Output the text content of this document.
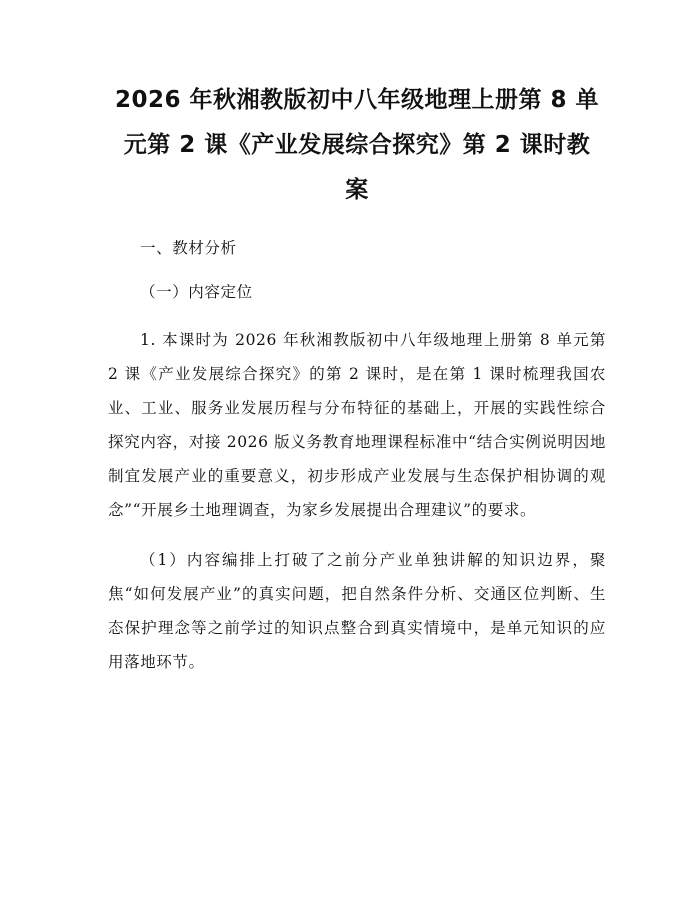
2026 年秋湘教版初中八年级地理上册第 8 单
元第 2 课《产业发展综合探究》第 2 课时教
案
一、教材分析
（一）内容定位

1. 本课时为 2026 年秋湘教版初中八年级地理上册第 8 单元第 2 课《产业发展综合探究》的第 2 课时，是在第 1 课时梳理我国农业、工业、服务业发展历程与分布特征的基础上，开展的实践性综合探究内容，对接 2026 版义务教育地理课程标准中“结合实例说明因地制宜发展产业的重要意义，初步形成产业发展与生态保护相协调的观念”“开展乡土地理调查，为家乡发展提出合理建议”的要求。

（1）内容编排上打破了之前分产业单独讲解的知识边界，聚焦“如何发展产业”的真实问题，把自然条件分析、交通区位判断、生态保护理念等之前学过的知识点整合到真实情境中，是单元知识的应用落地环节。
